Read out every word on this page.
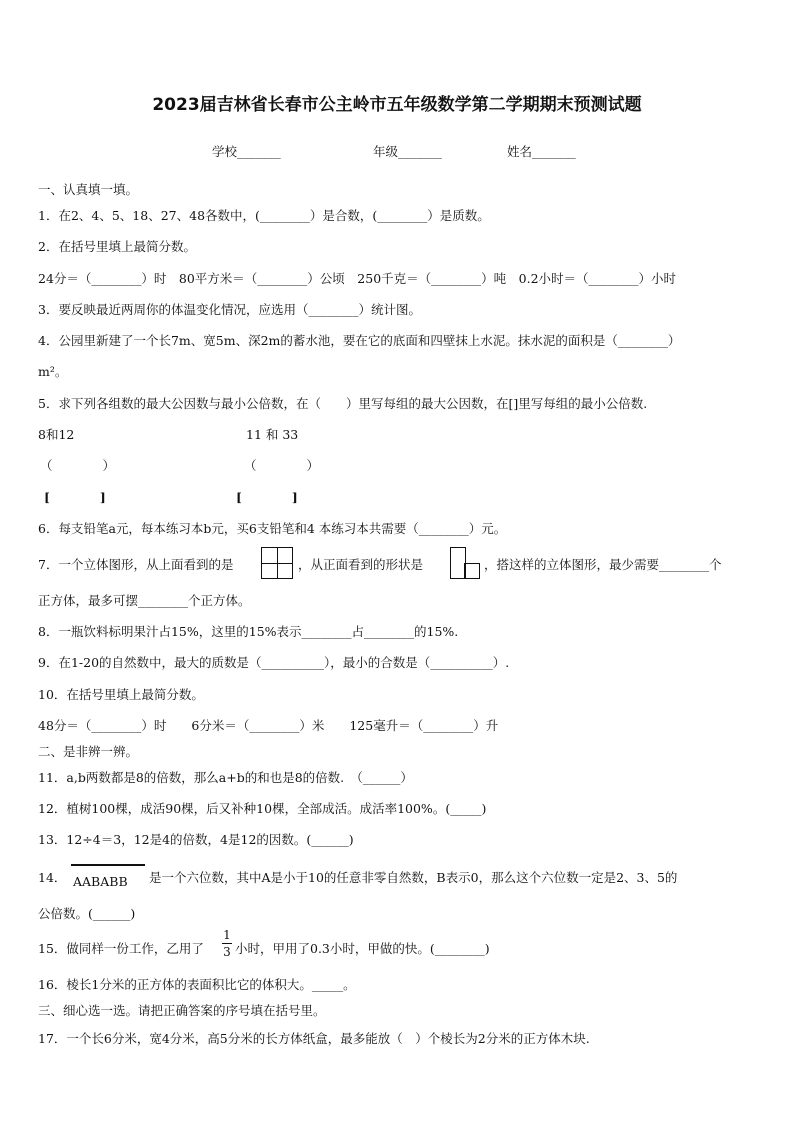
2023届吉林省长春市公主岭市五年级数学第二学期期末预测试题
学校_______	年级_______	姓名_______
一、认真填一填。
1．在2、4、5、18、27、48各数中，(________）是合数，(________）是质数。
2．在括号里填上最简分数。
24分＝（________）时　80平方米＝（________）公顷　250千克＝（________）吨　0.2小时＝（________）小时
3．要反映最近两周你的体温变化情况，应选用（________）统计图。
4．公园里新建了一个长7m、宽5m、深2m的蓄水池，要在它的底面和四壁抹上水泥。抹水泥的面积是（________）
m²。
5．求下列各组数的最大公因数与最小公倍数，在（　　）里写每组的最大公因数，在[]里写每组的最小公倍数.
8和12	11 和 33
（　　　　）	（　　　　）
[　　　　]	[　　　　]
6．每支铅笔a元，每本练习本b元，买6支铅笔和4 本练习本共需要（________）元。
7．一个立体图形，从上面看到的是	，从正面看到的形状是	，搭这样的立体图形，最少需要________个
正方体，最多可摆________个正方体。
8．一瓶饮料标明果汁占15%，这里的15%表示________占________的15%.
9．在1-20的自然数中，最大的质数是（__________），最小的合数是（__________）.
10．在括号里填上最简分数。
48分＝（________）时　　6分米＝（________）米　　125毫升＝（________）升
二、是非辨一辨。
11．a,b两数都是8的倍数，那么a+b的和也是8的倍数.　（______）
12．植树100棵，成活90棵，后又补种10棵，全部成活。成活率100%。(_____)
13．12÷4＝3，12是4的倍数，4是12的因数。(______)
14． AABABB 是一个六位数，其中A是小于10的任意非零自然数，B表示0，那么这个六位数一定是2、3、5的
公倍数。(______)
15．做同样一份工作，乙用了
1
3 小时，甲用了0.3小时，甲做的快。(________)
16．棱长1分米的正方体的表面积比它的体积大。_____。
三、细心选一选。请把正确答案的序号填在括号里。
17．一个长6分米，宽4分米，高5分米的长方体纸盒，最多能放（　）个棱长为2分米的正方体木块.
